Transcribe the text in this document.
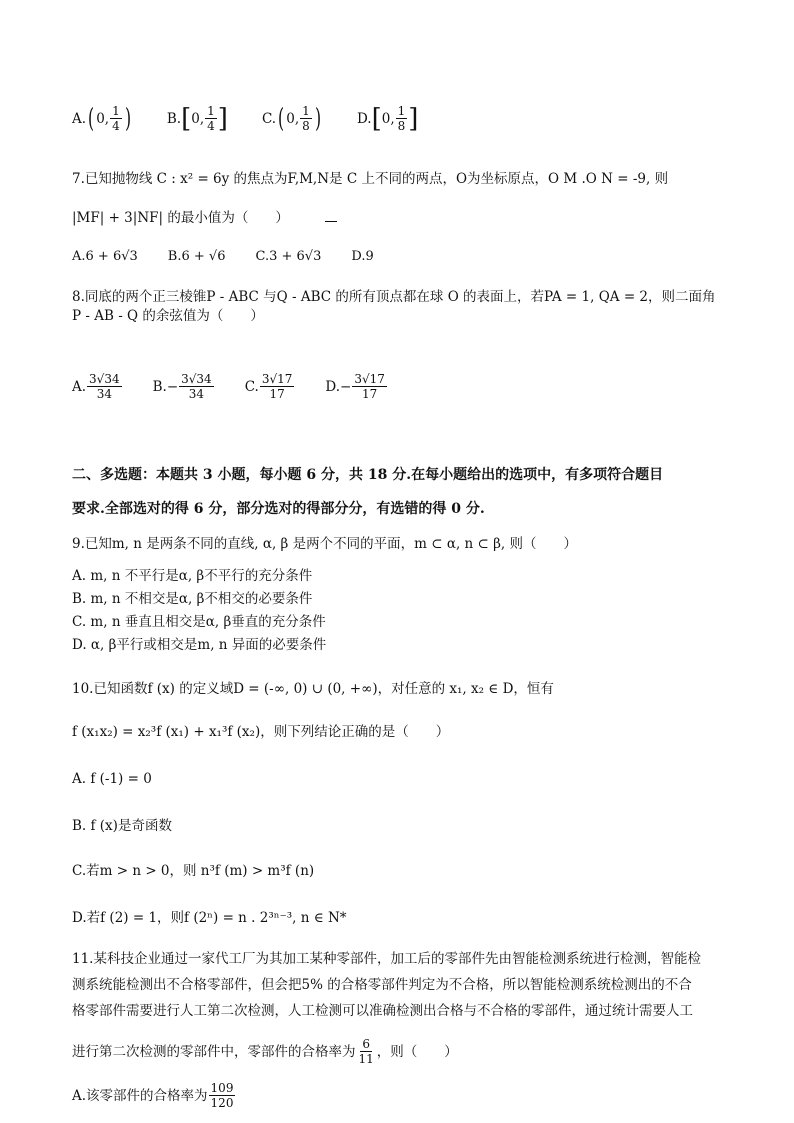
A. ( 0, $\frac{1}{4}$ )	B. [ 0, $\frac{1}{4}$ ]	C. ( 0, $\frac{1}{8}$ )	D. [ 0, $\frac{1}{8}$ ]
7.已知抛物线 C : x² = 6y 的焦点为F,M,N是 C 上不同的两点，O为坐标原点，O M .O N = -9, 则
|MF| + 3|NF| 的最小值为（　　）
A. 6 + 6√3 B. 6 + √6 C. 3 + 6√3 D. 9
8.同底的两个正三棱锥P - ABC 与Q - ABC 的所有顶点都在球 O 的表面上，若PA = 1, QA = 2，则二面角
P - AB - Q 的余弦值为（　　）
A. $\frac{3√34}{34} B$. − $\frac{3√34}{34} C$. $\frac{3√17}{17} D$. − $\frac{3√17}{17}$
二、多选题：本题共 3 小题，每小题 6 分，共 18 分.在每小题给出的选项中，有多项符合题目
要求.全部选对的得 6 分，部分选对的得部分分，有选错的得 0 分.
9.已知m, n 是两条不同的直线, α, β 是两个不同的平面，m ⊂ α, n ⊂ β, 则（　　）
A. m, n 不平行是α, β不平行的充分条件
B. m, n 不相交是α, β不相交的必要条件
C. m, n 垂直且相交是α, β垂直的充分条件
D. α, β平行或相交是m, n 异面的必要条件
10.已知函数f (x) 的定义域D = (-∞, 0) ∪ (0, +∞)，对任意的 x₁, x₂ ∈ D，恒有
f (x₁x₂) = x₂³f (x₁) + x₁³f (x₂)，则下列结论正确的是（　　）
A. f (-1) = 0
B. f (x)是奇函数
C.若m > n > 0，则 n³f (m) > m³f (n)
D.若f (2) = 1，则f (2ⁿ) = n . 2³ⁿ⁻³, n ∈ N*
11.某科技企业通过一家代工厂为其加工某种零部件，加工后的零部件先由智能检测系统进行检测，智能检
测系统能检测出不合格零部件，但会把5% 的合格零部件判定为不合格，所以智能检测系统检测出的不合
格零部件需要进行人工第二次检测，人工检测可以准确检测出合格与不合格的零部件，通过统计需要人工
进行第二次检测的零部件中，零部件的合格率为 $\frac{6}{11}$ ，则（　　）
A.该零部件的合格率为 $\frac{109}{120}$
